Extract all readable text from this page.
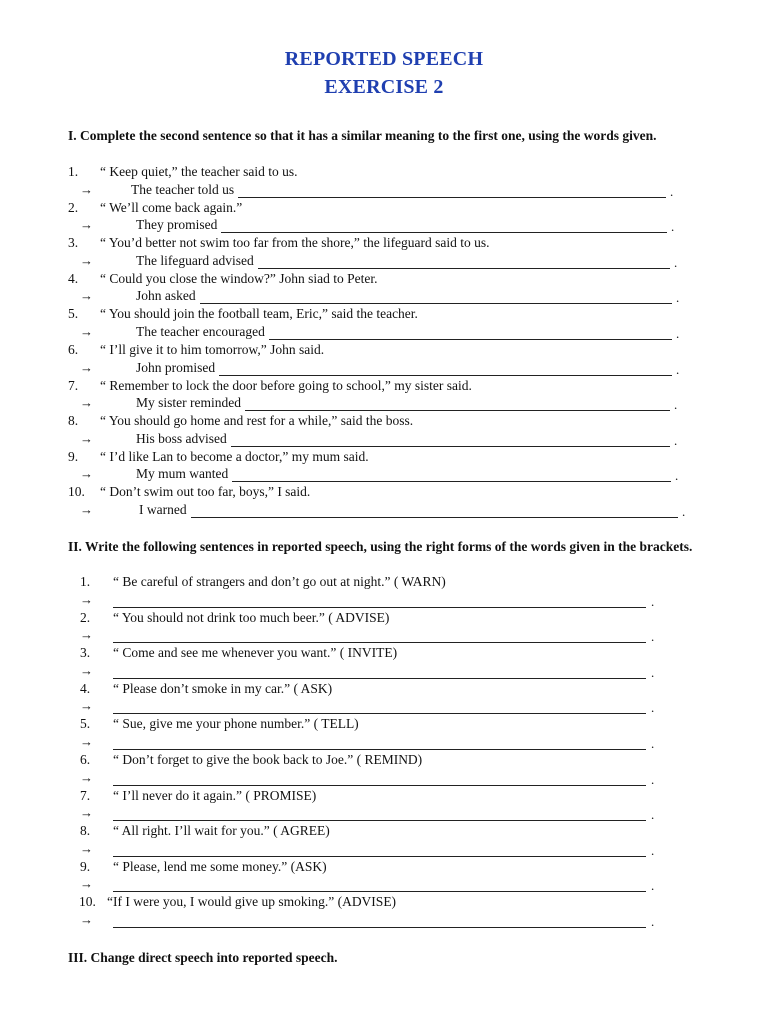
REPORTED SPEECH
EXERCISE 2
I. Complete the second sentence so that it has a similar meaning to the first one, using the words given.
1. “ Keep quiet,” the teacher said to us.
→	The teacher told us	.
2. “ We’ll come back again.”
→	They promised	.
3. “ You’d better not swim too far from the shore,” the lifeguard said to us.
→	The lifeguard advised	.
4. “ Could you close the window?” John siad to Peter.
→	John asked	.
5. “ You should join the football team, Eric,” said the teacher.
→	The teacher encouraged	.
6. “ I’ll give it to him tomorrow,” John said.
→	John promised	.
7. “ Remember to lock the door before going to school,” my sister said.
→	My sister reminded	.
8. “ You should go home and rest for a while,” said the boss.
→	His boss advised	.
9. “ I’d like Lan to become a doctor,” my mum said.
→	My mum wanted	.
10. “ Don’t swim out too far, boys,” I said.
→	I warned	.
II. Write the following sentences in reported speech, using the right forms of the words given in the brackets.
1. “ Be careful of strangers and don’t go out at night.” ( WARN)
→	.
2. “ You should not drink too much beer.” ( ADVISE)
→	.
3. “ Come and see me whenever you want.” ( INVITE)
→	.
4. “ Please don’t smoke in my car.” ( ASK)
→	.
5. “ Sue, give me your phone number.” ( TELL)
→	.
6. “ Don’t forget to give the book back to Joe.” ( REMIND)
→	.
7. “ I’ll never do it again.” ( PROMISE)
→	.
8. “ All right. I’ll wait for you.” ( AGREE)
→	.
9. “ Please, lend me some money.” (ASK)
→	.
10. “If I were you, I would give up smoking.” (ADVISE)
→	.
III. Change direct speech into reported speech.
